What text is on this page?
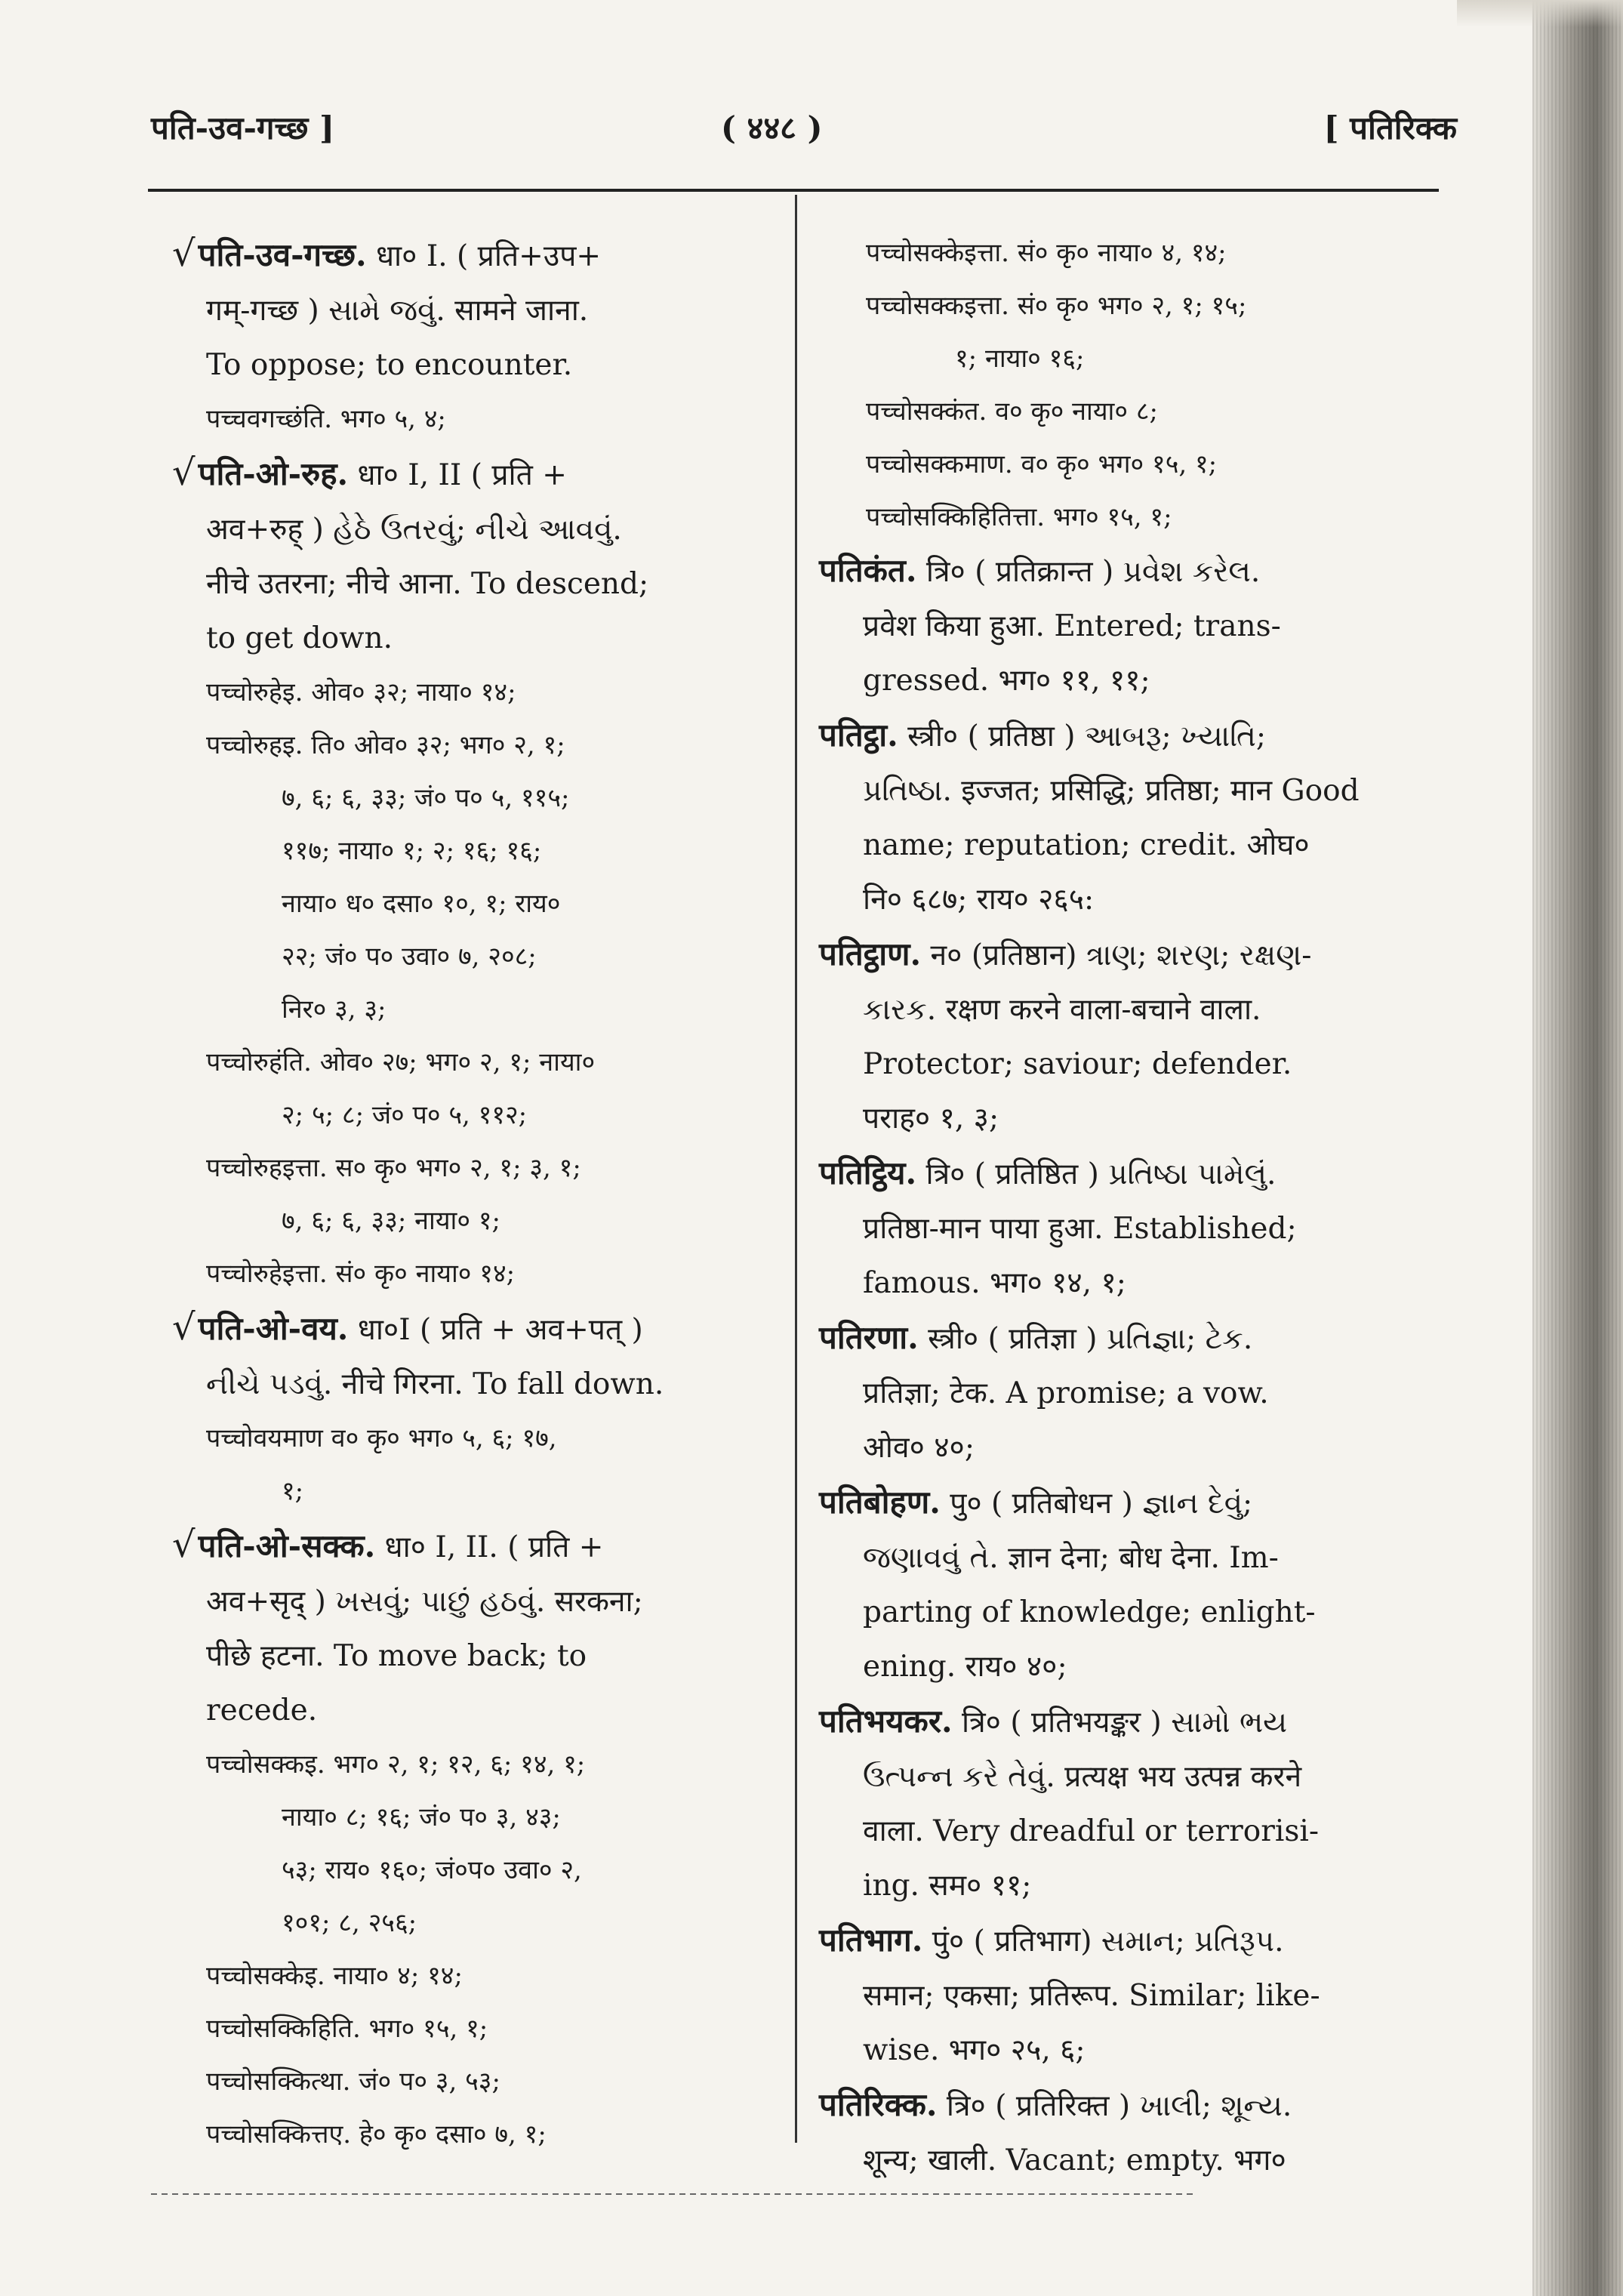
पति-उव-गच्छ ]	( ४४८ )	[ पतिरिक्क

√पति-उव-गच्छ. धा० I. ( प्रति+उप+

गम्-गच्छ ) સામે જવું. सामने जाना.

To oppose; to encounter.

पच्चवगच्छंति. भग० ५, ४;

√पति-ओ-रुह. धा० I, II ( प्रति +

अव+रुह् ) હેઠે ઉતરવું; નીચે આવવું.

नीचे उतरना; नीचे आना. To descend;

to get down.

पच्चोरुहेइ. ओव० ३२; नाया० १४;

पच्चोरुहइ. ति० ओव० ३२; भग० २, १;

७, ६; ६, ३३; जं० प० ५, ११५;

११७; नाया० १; २; १६; १६;

नाया० ध० दसा० १०, १; राय०

२२; जं० प० उवा० ७, २०८;

निर० ३, ३;

पच्चोरुहंति. ओव० २७; भग० २, १; नाया०

२; ५; ८; जं० प० ५, ११२;

पच्चोरुहइत्ता. स० कृ० भग० २, १; ३, १;

७, ६; ६, ३३; नाया० १;

पच्चोरुहेइत्ता. सं० कृ० नाया० १४;

√पति-ओ-वय. धा०I ( प्रति + अव+पत् )

નીચે પડવું. नीचे गिरना. To fall down.

पच्चोवयमाण व० कृ० भग० ५, ६; १७,

१;

√पति-ओ-सक्क. धा० I, II. ( प्रति +

अव+सृद् ) ખસવું; પાછું હઠવું. सरकना;

पीछे हटना. To move back; to

recede.

पच्चोसक्कइ. भग० २, १; १२, ६; १४, १;

नाया० ८; १६; जं० प० ३, ४३;

५३; राय० १६०; जं०प० उवा० २,

१०१; ८, २५६;

पच्चोसक्केइ. नाया० ४; १४;

पच्चोसक्किहिति. भग० १५, १;

पच्चोसक्कित्था. जं० प० ३, ५३;

पच्चोसक्कित्तए. हे० कृ० दसा० ७, १;

पच्चोसक्केइत्ता. सं० कृ० नाया० ४, १४;

पच्चोसक्कइत्ता. सं० कृ० भग० २, १; १५;

१; नाया० १६;

पच्चोसक्कंत. व० कृ० नाया० ८;

पच्चोसक्कमाण. व० कृ० भग० १५, १;

पच्चोसक्किहितित्ता. भग० १५, १;

पतिकंत. त्रि० ( प्रतिक्रान्त ) પ્રવેશ કરેલ.

प्रवेश किया हुआ. Entered; trans-

gressed. भग० ११, ११;

पतिट्ठा. स्त्री० ( प्रतिष्ठा ) આબરૂ; ખ્યાતિ;

પ્રતિષ્ઠા. इज्जत; प्रसिद्धि; प्रतिष्ठा; मान Good

name; reputation; credit. ओघ०

नि० ६८७; राय० २६५:

पतिट्ठाण. न० (प्रतिष्ठान) ત્રાણ; શરણ; રક્ષણ-

કારક. रक्षण करने वाला-बचाने वाला.

Protector; saviour; defender.

पराह० १, ३;

पतिट्ठिय. त्रि० ( प्रतिष्ठित ) પ્રતિષ્ઠા પામેલું.

प्रतिष्ठा-मान पाया हुआ. Established;

famous. भग० १४, १;

पतिरणा. स्त्री० ( प्रतिज्ञा ) પ્રતિજ્ઞા; ટેક.

प्रतिज्ञा; टेक. A promise; a vow.

ओव० ४०;

पतिबोहण. पु० ( प्रतिबोधन ) જ્ઞાન દેવું;

જણાવવું તે. ज्ञान देना; बोध देना. Im-

parting of knowledge; enlight-

ening. राय० ४०;

पतिभयकर. त्रि० ( प्रतिभयङ्कर ) સામો ભય

ઉત્પન્ન કરે તેવું. प्रत्यक्ष भय उत्पन्न करने

वाला. Very dreadful or terrorisi-

ing. सम० ११;

पतिभाग. पुं० ( प्रतिभाग) સમાન; પ્રતિરૂપ.

समान; एकसा; प्रतिरूप. Similar; like-

wise. भग० २५, ६;

पतिरिक्क. त्रि० ( प्रतिरिक्त ) ખાલી; શૂન્ય.

शून्य; खाली. Vacant; empty. भग०
